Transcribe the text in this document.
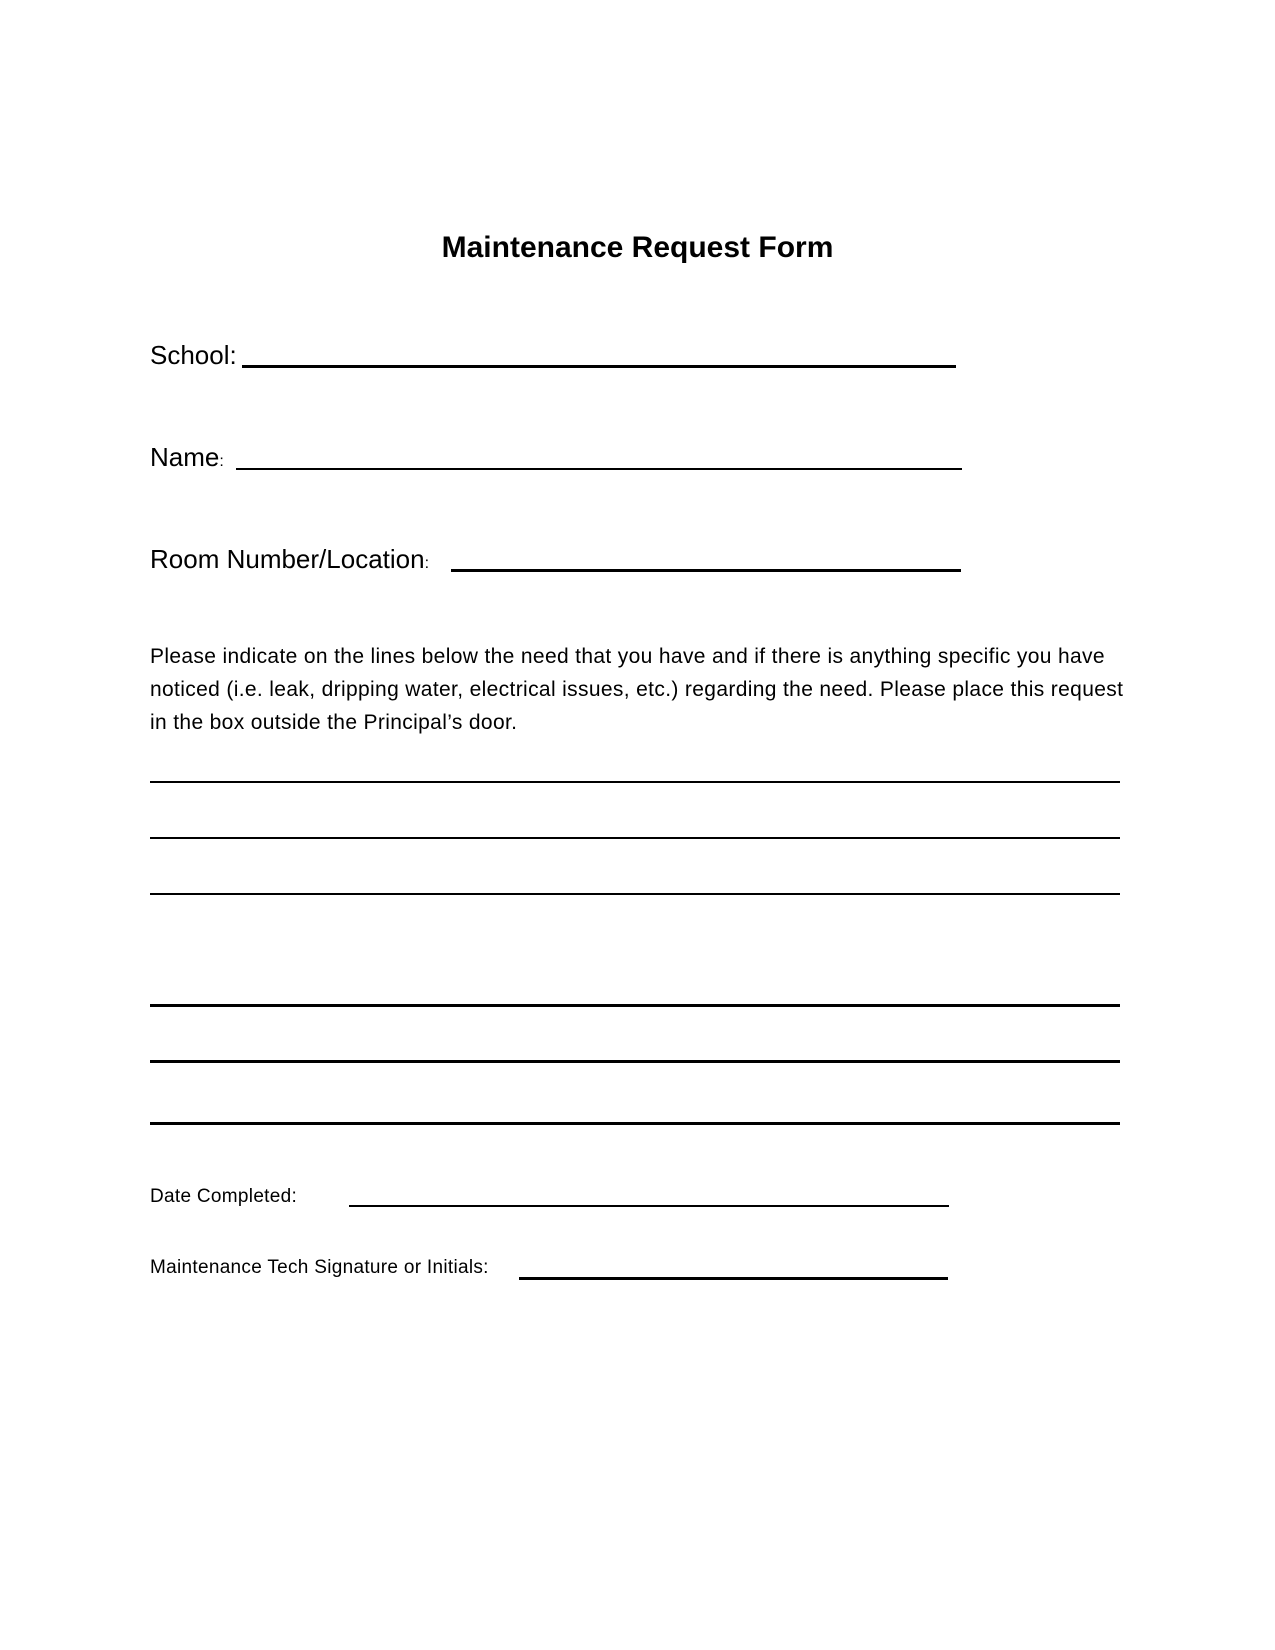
Maintenance Request Form
School:
Name:
Room Number/Location:
Please indicate on the lines below the need that you have and if there is anything specific you have noticed (i.e. leak, dripping water, electrical issues, etc.) regarding the need. Please place this request in the box outside the Principal’s door.
Date Completed:
Maintenance Tech Signature or Initials:
